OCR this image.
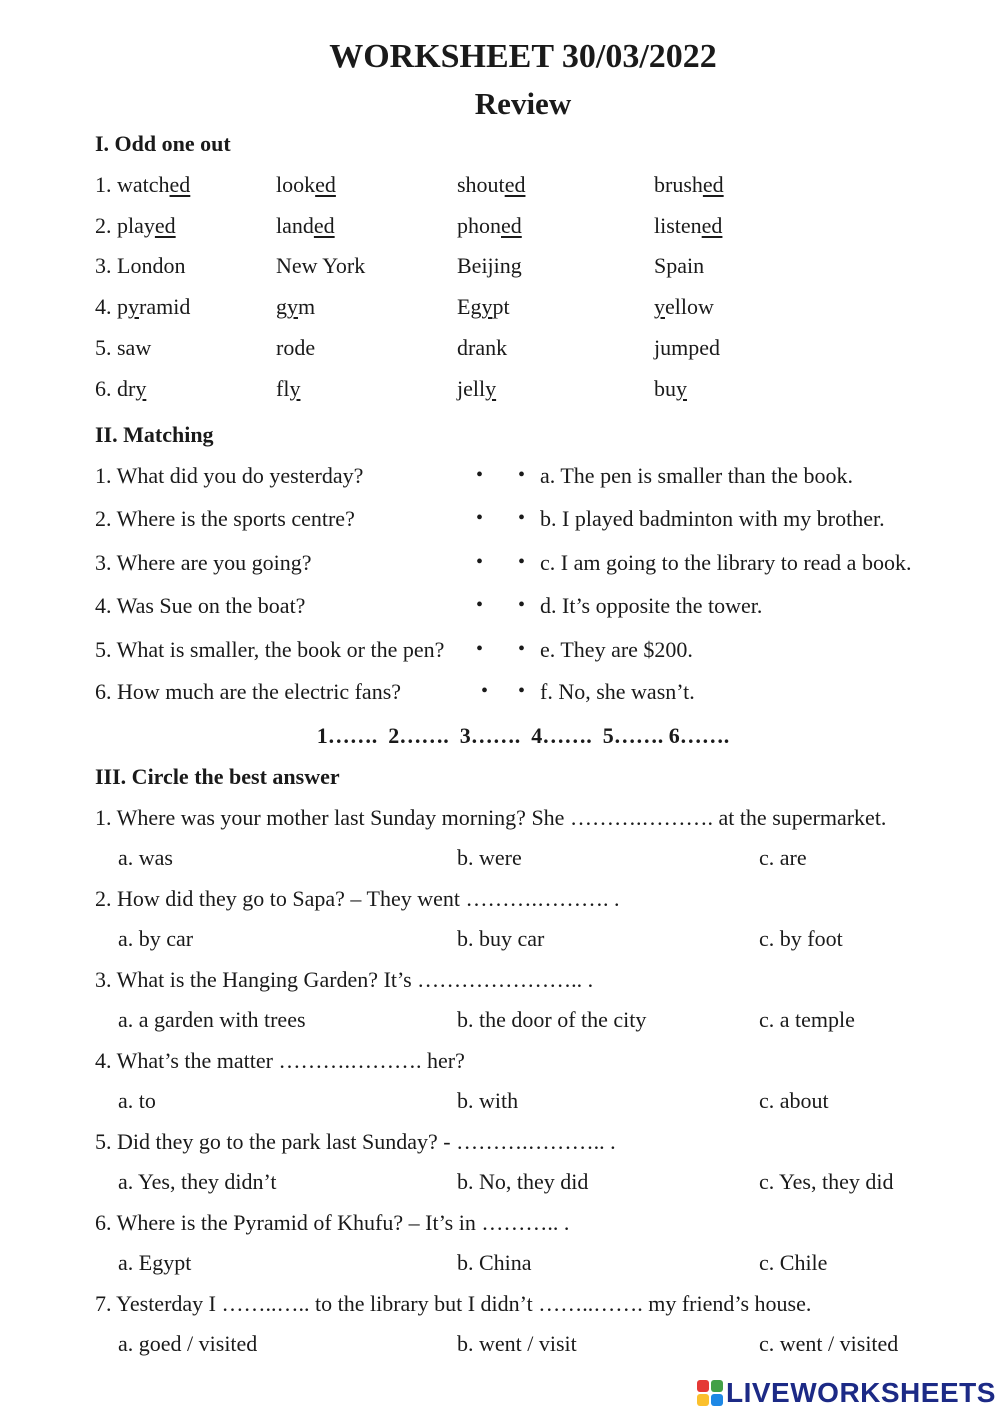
WORKSHEET 30/03/2022
Review
I. Odd one out
1. watched	looked	shouted	brushed
2. played	landed	phoned	listened
3. London	New York	Beijing	Spain
4. pyramid	gym	Egypt	yellow
5. saw	rode	drank	jumped
6. dry	fly	jelly	buy
II. Matching
1. What did you do yesterday?	• • a. The pen is smaller than the book.
2. Where is the sports centre?	• • b. I played badminton with my brother.
3. Where are you going?	• • c. I am going to the library to read a book.
4. Was Sue on the boat?	• • d. It’s opposite the tower.
5. What is smaller, the book or the pen? • • e. They are $200.
6. How much are the electric fans?	• • f. No, she wasn’t.
1…….  2…….  3…….  4…….  5……. 6…….
III. Circle the best answer
1. Where was your mother last Sunday morning? She ……….………. at the supermarket.
a. was	b. were	c. are
2. How did they go to Sapa? – They went ……….………. .
a. by car	b. buy car	c. by foot
3. What is the Hanging Garden? It’s ………………….. .
a. a garden with trees	b. the door of the city	c. a temple
4. What’s the matter ……….………. her?
a. to	b. with	c. about
5. Did they go to the park last Sunday? - ……….……….. .
a. Yes, they didn’t	b. No, they did	c. Yes, they did
6. Where is the Pyramid of Khufu? – It’s in ……….. .
a. Egypt	b. China	c. Chile
7. Yesterday I ……..….. to the library but I didn’t ……..……. my friend’s house.
a. goed / visited	b. went / visit	c. went / visited
LIVEWORKSHEETS
